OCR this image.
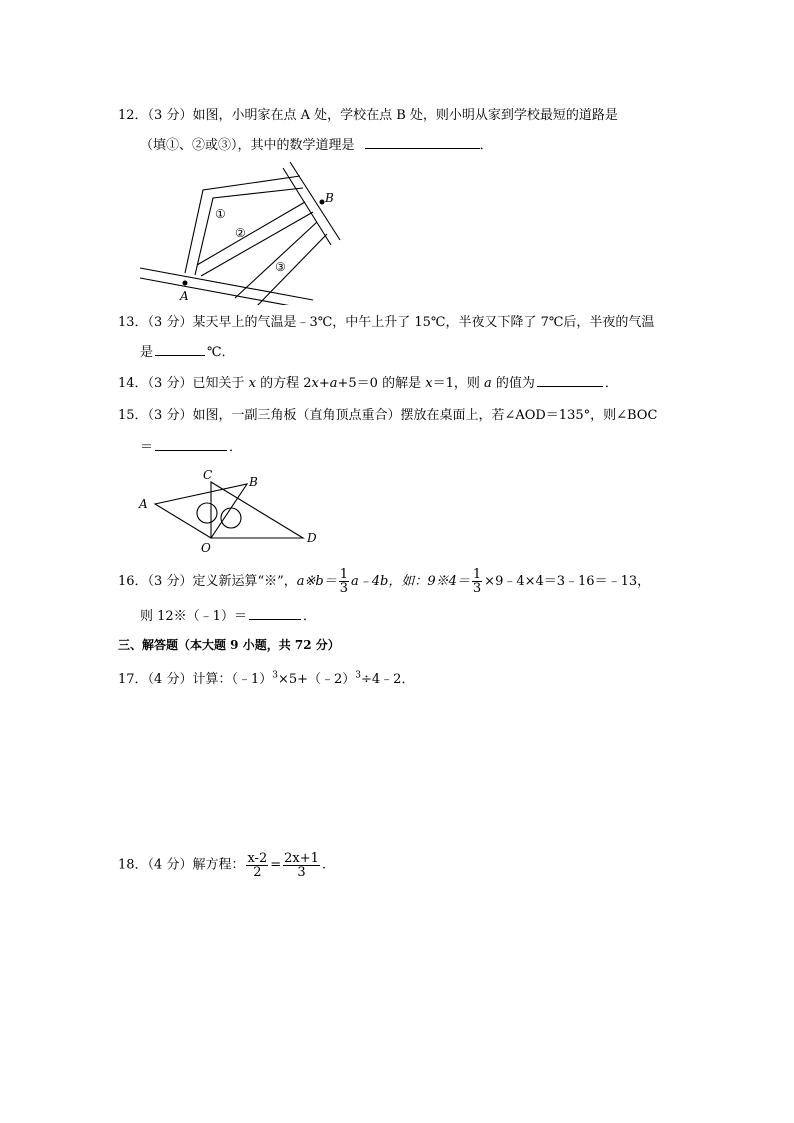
12．（3 分）如图，小明家在点 A 处，学校在点 B 处，则小明从家到学校最短的道路是
（填①、②或③），其中的数学道理是	．
A
B
①
②
③
13．（3 分）某天早上的气温是﹣3℃，中午上升了 15℃，半夜又下降了 7℃后，半夜的气温
是	℃．
14．（3 分）已知关于 x 的方程 2x+a+5＝0 的解是 x＝1，则 a 的值为	．
15．（3 分）如图，一副三角板（直角顶点重合）摆放在桌面上，若∠AOD＝135°，则∠BOC
＝	．
A
B
C
D
O
16．（3 分）定义新运算“※”，a※b＝ $\frac{1}{3}$ a﹣4b，如：9※4＝ $\frac{1}{3}$ ×9﹣4×4＝3﹣16＝﹣13，
则 12※（﹣1）＝	．
三、解答题（本大题 9 小题，共 72 分）
17．（4 分）计算：（﹣1）$^3$×5+（﹣2）$^3$÷4﹣2．
18．（4 分）解方程： $\frac{x-2}{2} = \frac{2x+1}{3}$ .
